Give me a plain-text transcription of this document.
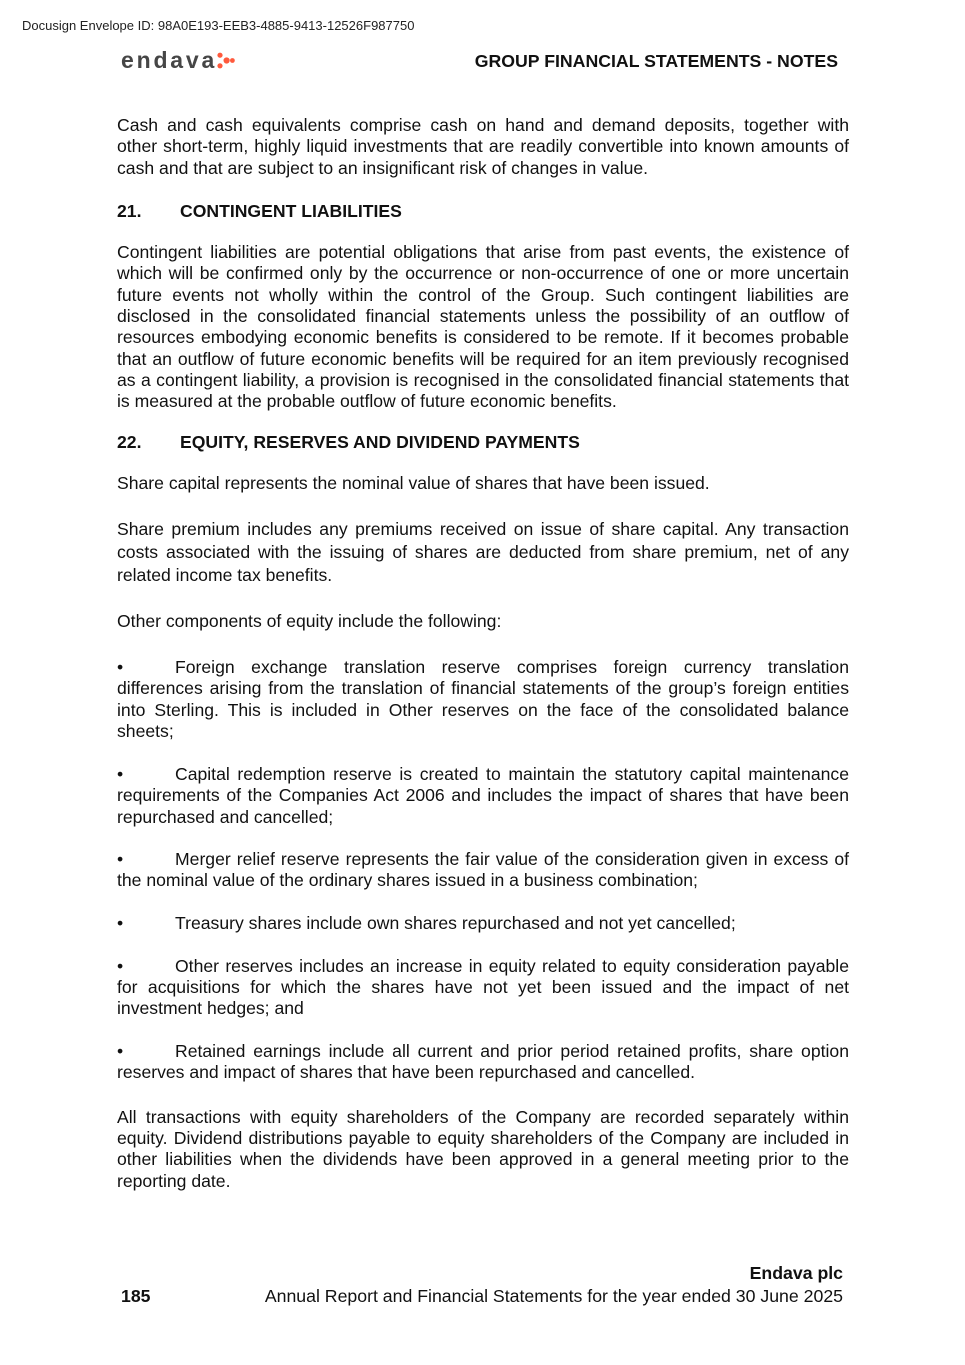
Docusign Envelope ID: 98A0E193-EEB3-4885-9413-12526F987750
endava	GROUP FINANCIAL STATEMENTS - NOTES
Cash and cash equivalents comprise cash on hand and demand deposits, together with
other short-term, highly liquid investments that are readily convertible into known amounts of
cash and that are subject to an insignificant risk of changes in value.
21. CONTINGENT LIABILITIES
Contingent liabilities are potential obligations that arise from past events, the existence of
which will be confirmed only by the occurrence or non-occurrence of one or more uncertain
future events not wholly within the control of the Group. Such contingent liabilities are
disclosed in the consolidated financial statements unless the possibility of an outflow of
resources embodying economic benefits is considered to be remote. If it becomes probable
that an outflow of future economic benefits will be required for an item previously recognised
as a contingent liability, a provision is recognised in the consolidated financial statements that
is measured at the probable outflow of future economic benefits.
22. EQUITY, RESERVES AND DIVIDEND PAYMENTS
Share capital represents the nominal value of shares that have been issued.
Share premium includes any premiums received on issue of share capital. Any transaction
costs associated with the issuing of shares are deducted from share premium, net of any
related income tax benefits.
Other components of equity include the following:
•	Foreign exchange translation reserve comprises foreign currency translation
differences arising from the translation of financial statements of the group’s foreign entities
into Sterling. This is included in Other reserves on the face of the consolidated balance
sheets;
•	Capital redemption reserve is created to maintain the statutory capital maintenance
requirements of the Companies Act 2006 and includes the impact of shares that have been
repurchased and cancelled;
•	Merger relief reserve represents the fair value of the consideration given in excess of
the nominal value of the ordinary shares issued in a business combination;
•	Treasury shares include own shares repurchased and not yet cancelled;
•	Other reserves includes an increase in equity related to equity consideration payable
for acquisitions for which the shares have not yet been issued and the impact of net
investment hedges; and
•	Retained earnings include all current and prior period retained profits, share option
reserves and impact of shares that have been repurchased and cancelled.
All transactions with equity shareholders of the Company are recorded separately within
equity. Dividend distributions payable to equity shareholders of the Company are included in
other liabilities when the dividends have been approved in a general meeting prior to the
reporting date.
Endava plc
185	Annual Report and Financial Statements for the year ended 30 June 2025
